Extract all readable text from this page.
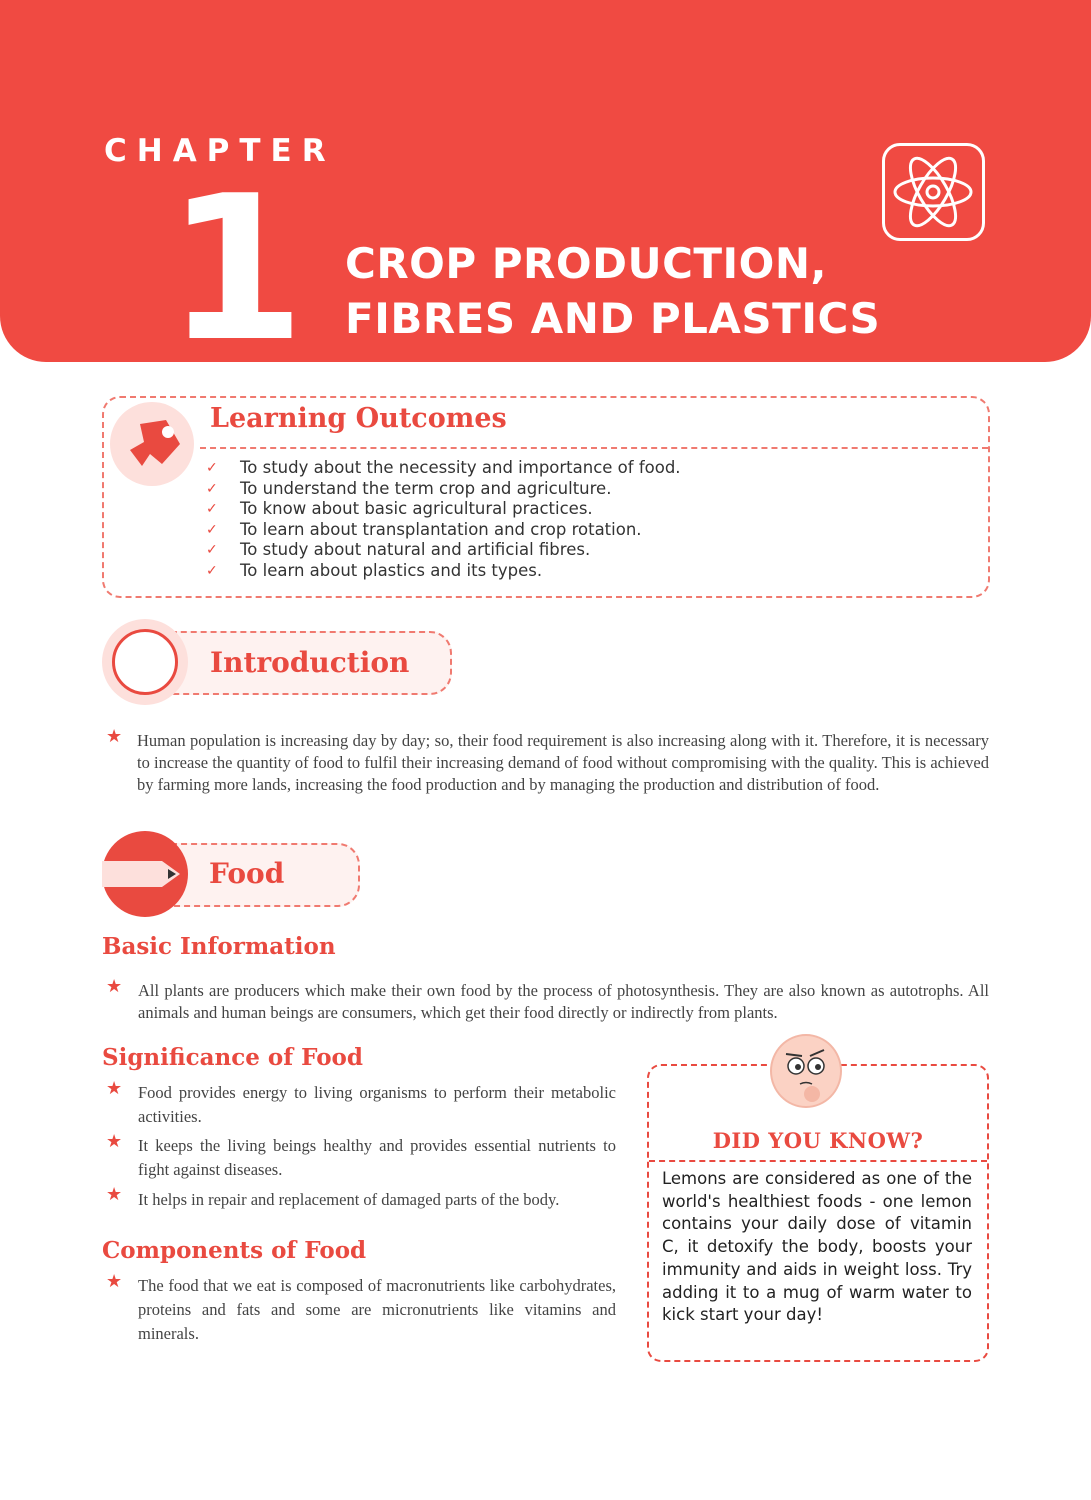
CHAPTER
1 CROP PRODUCTION,
FIBRES AND PLASTICS
Learning Outcomes
✓	To study about the necessity and importance of food.
✓	To understand the term crop and agriculture.
✓	To know about basic agricultural practices.
✓	To learn about transplantation and crop rotation.
✓	To study about natural and artificial fibres.
✓	To learn about plastics and its types.
Introduction
★ Human population is increasing day by day; so, their food requirement is also increasing along with it. Therefore, it is necessary to increase the quantity of food to fulfil their increasing demand of food without compromising with the quality. This is achieved by farming more lands, increasing the food production and by managing the production and distribution of food.
Food
Basic Information
★ All plants are producers which make their own food by the process of photosynthesis. They are also known as autotrophs. All animals and human beings are consumers, which get their food directly or indirectly from plants.
Significance of Food
★ Food provides energy to living organisms to perform their metabolic activities.
★ It keeps the living beings healthy and provides essential nutrients to fight against diseases.
★ It helps in repair and replacement of damaged parts of the body.
Components of Food
★ The food that we eat is composed of macronutrients like carbohydrates, proteins and fats and some are micronutrients like vitamins and minerals.
DID YOU KNOW?
Lemons are considered as one of the world's healthiest foods - one lemon contains your daily dose of vitamin C, it detoxify the body, boosts your immunity and aids in weight loss. Try adding it to a mug of warm water to kick start your day!
